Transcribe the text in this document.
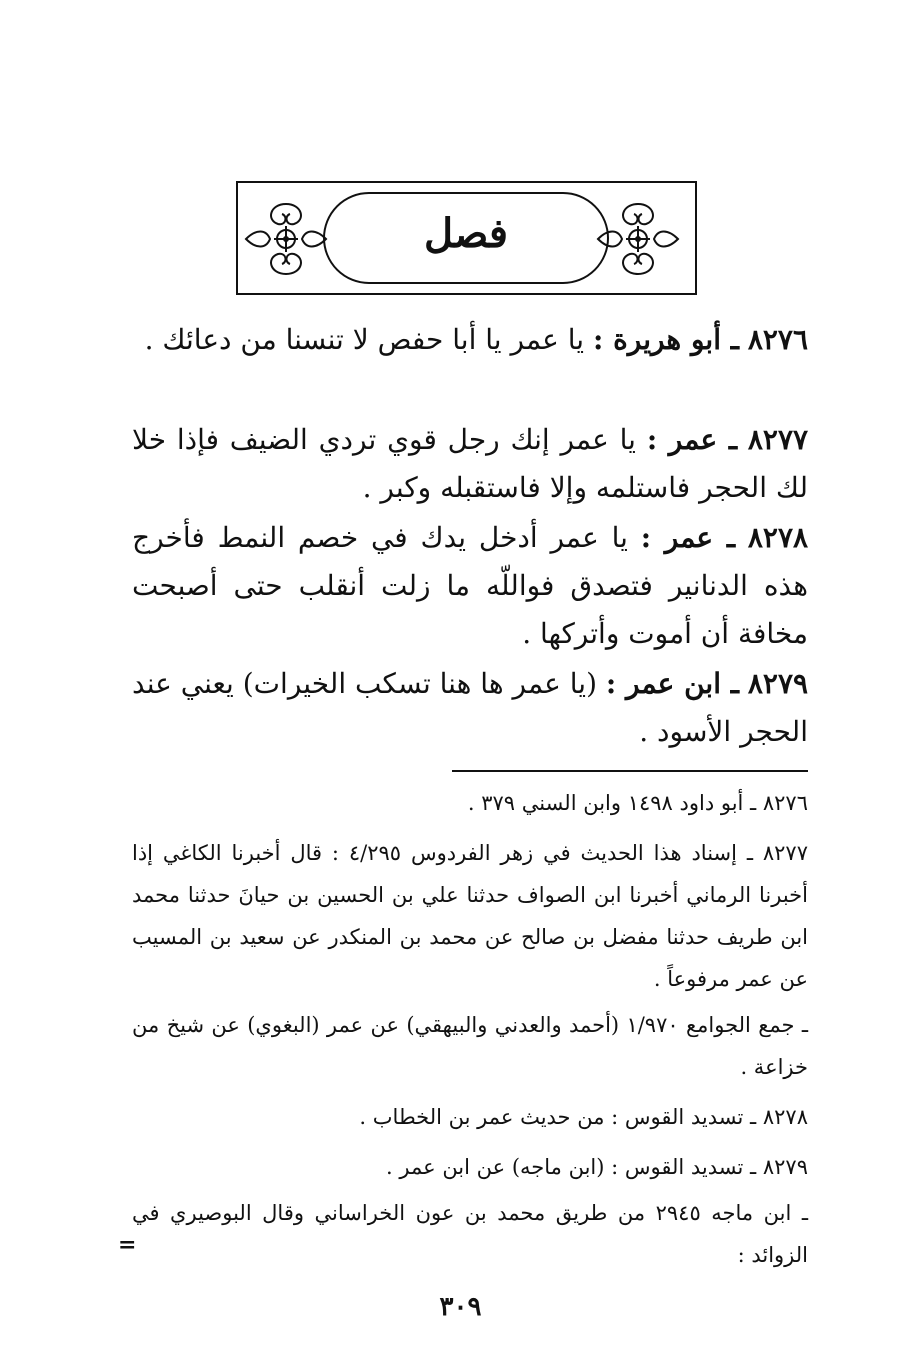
فصل
٨٢٧٦ ـ أبو هريرة : يا عمر يا أبا حفص لا تنسنا من دعائك .
٨٢٧٧ ـ عمر : يا عمر إنك رجل قوي تردي الضيف فإذا خلا لك الحجر فاستلمه وإلا فاستقبله وكبر .
٨٢٧٨ ـ عمر : يا عمر أدخل يدك في خصم النمط فأخرج هذه الدنانير فتصدق فواللّه ما زلت أنقلب حتى أصبحت مخافة أن أموت وأتركها .
٨٢٧٩ ـ ابن عمر : (يا عمر ها هنا تسكب الخيرات) يعني عند الحجر الأسود .
٨٢٧٦ ـ أبو داود ١٤٩٨ وابن السني ٣٧٩ .
٨٢٧٧ ـ إسناد هذا الحديث في زهر الفردوس ٤/٢٩٥ : قال أخبرنا الكاغي إذا أخبرنا الرماني أخبرنا ابن الصواف حدثنا علي بن الحسين بن حيانَ حدثنا محمد ابن طريف حدثنا مفضل بن صالح عن محمد بن المنكدر عن سعيد بن المسيب عن عمر مرفوعاً .
ـ جمع الجوامع ١/٩٧٠ (أحمد والعدني والبيهقي) عن عمر (البغوي) عن شيخ من خزاعة .
٨٢٧٨ ـ تسديد القوس : من حديث عمر بن الخطاب .
٨٢٧٩ ـ تسديد القوس : (ابن ماجه) عن ابن عمر .
ـ ابن ماجه ٢٩٤٥ من طريق محمد بن عون الخراساني وقال البوصيري في الزوائد :
=
٣٠٩
